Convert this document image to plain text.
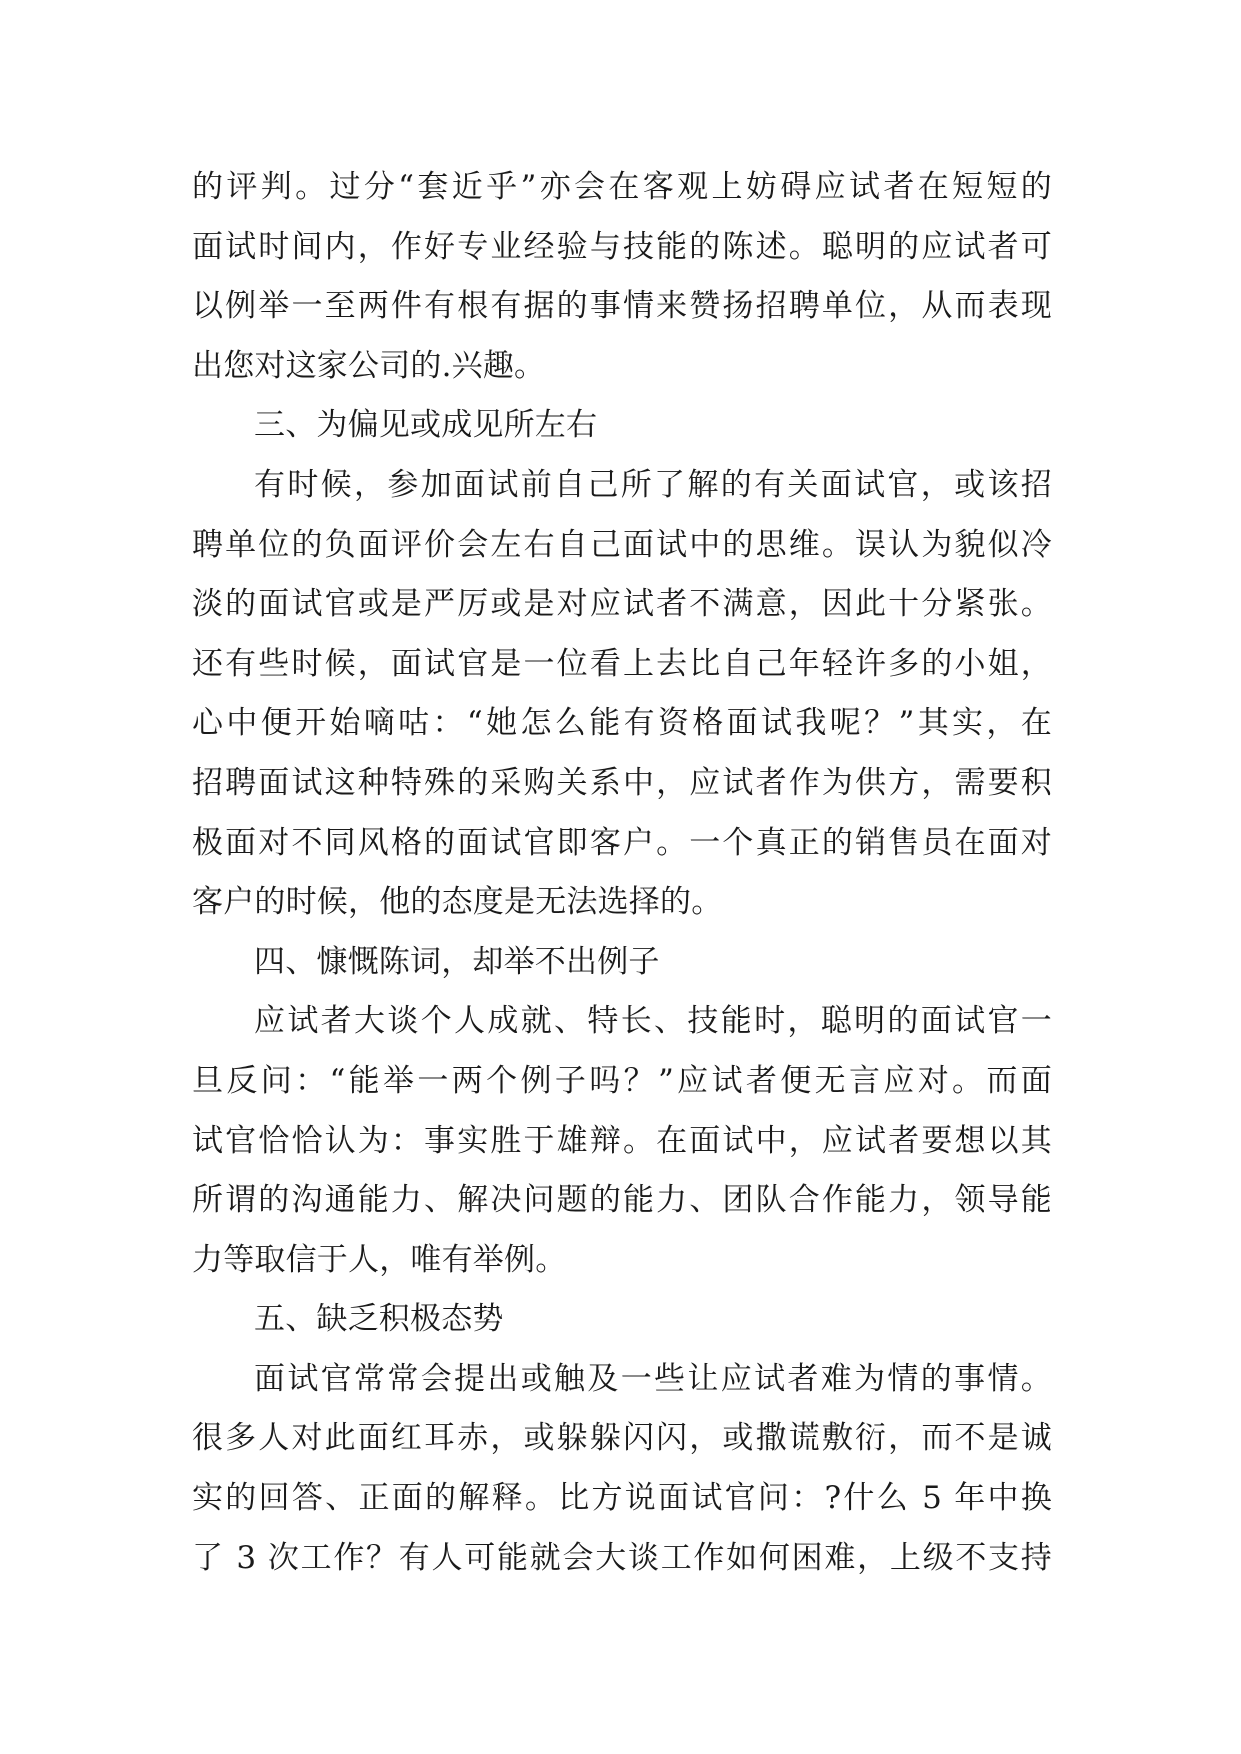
的评判。过分“套近乎”亦会在客观上妨碍应试者在短短的
面试时间内，作好专业经验与技能的陈述。聪明的应试者可
以例举一至两件有根有据的事情来赞扬招聘单位，从而表现
出您对这家公司的.兴趣。
三、为偏见或成见所左右
有时候，参加面试前自己所了解的有关面试官，或该招
聘单位的负面评价会左右自己面试中的思维。误认为貌似冷
淡的面试官或是严厉或是对应试者不满意，因此十分紧张。
还有些时候，面试官是一位看上去比自己年轻许多的小姐，
心中便开始嘀咕：“她怎么能有资格面试我呢？”其实，在
招聘面试这种特殊的采购关系中，应试者作为供方，需要积
极面对不同风格的面试官即客户。一个真正的销售员在面对
客户的时候，他的态度是无法选择的。
四、慷慨陈词，却举不出例子
应试者大谈个人成就、特长、技能时，聪明的面试官一
旦反问：“能举一两个例子吗？”应试者便无言应对。而面
试官恰恰认为：事实胜于雄辩。在面试中，应试者要想以其
所谓的沟通能力、解决问题的能力、团队合作能力，领导能
力等取信于人，唯有举例。
五、缺乏积极态势
面试官常常会提出或触及一些让应试者难为情的事情。
很多人对此面红耳赤，或躲躲闪闪，或撒谎敷衍，而不是诚
实的回答、正面的解释。比方说面试官问：?什么 5 年中换
了 3 次工作？有人可能就会大谈工作如何困难，上级不支持
